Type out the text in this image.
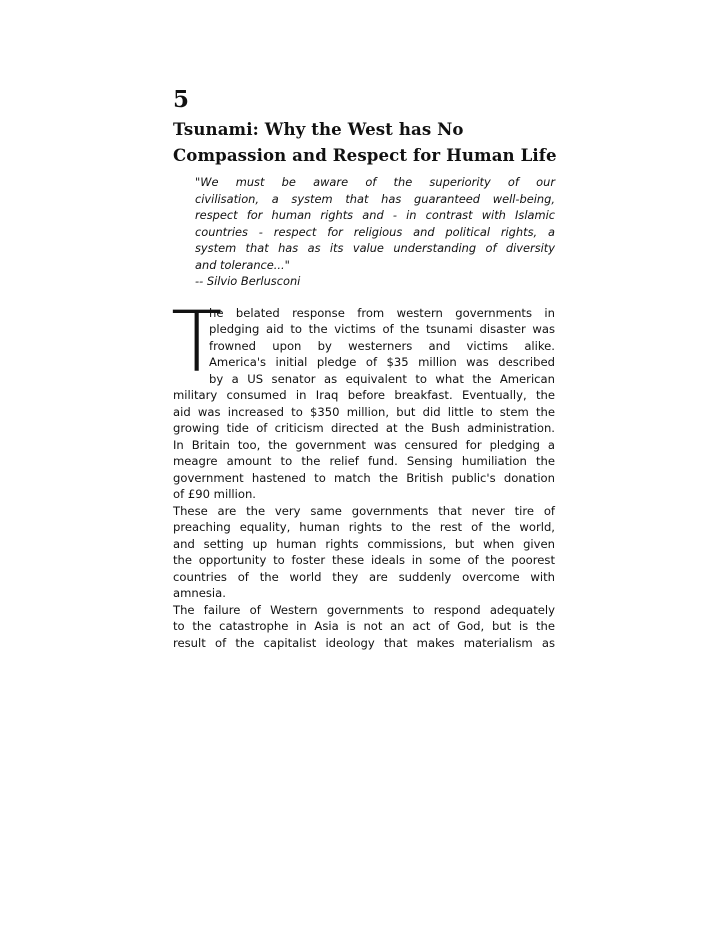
5
Tsunami: Why the West has No
Compassion and Respect for Human Life
"We must be aware of the superiority of our
civilisation, a system that has guaranteed well-being,
respect for human rights and - in contrast with Islamic
countries - respect for religious and political rights, a
system that has as its value understanding of diversity
and tolerance..."
-- Silvio Berlusconi
T
he belated response from western governments in
pledging aid to the victims of the tsunami disaster was
frowned upon by westerners and victims alike.
America's initial pledge of $35 million was described
by a US senator as equivalent to what the American
military consumed in Iraq before breakfast. Eventually, the
aid was increased to $350 million, but did little to stem the
growing tide of criticism directed at the Bush administration.
In Britain too, the government was censured for pledging a
meagre amount to the relief fund. Sensing humiliation the
government hastened to match the British public's donation
of £90 million.
These are the very same governments that never tire of
preaching equality, human rights to the rest of the world,
and setting up human rights commissions, but when given
the opportunity to foster these ideals in some of the poorest
countries of the world they are suddenly overcome with
amnesia.
The failure of Western governments to respond adequately
to the catastrophe in Asia is not an act of God, but is the
result of the capitalist ideology that makes materialism as
